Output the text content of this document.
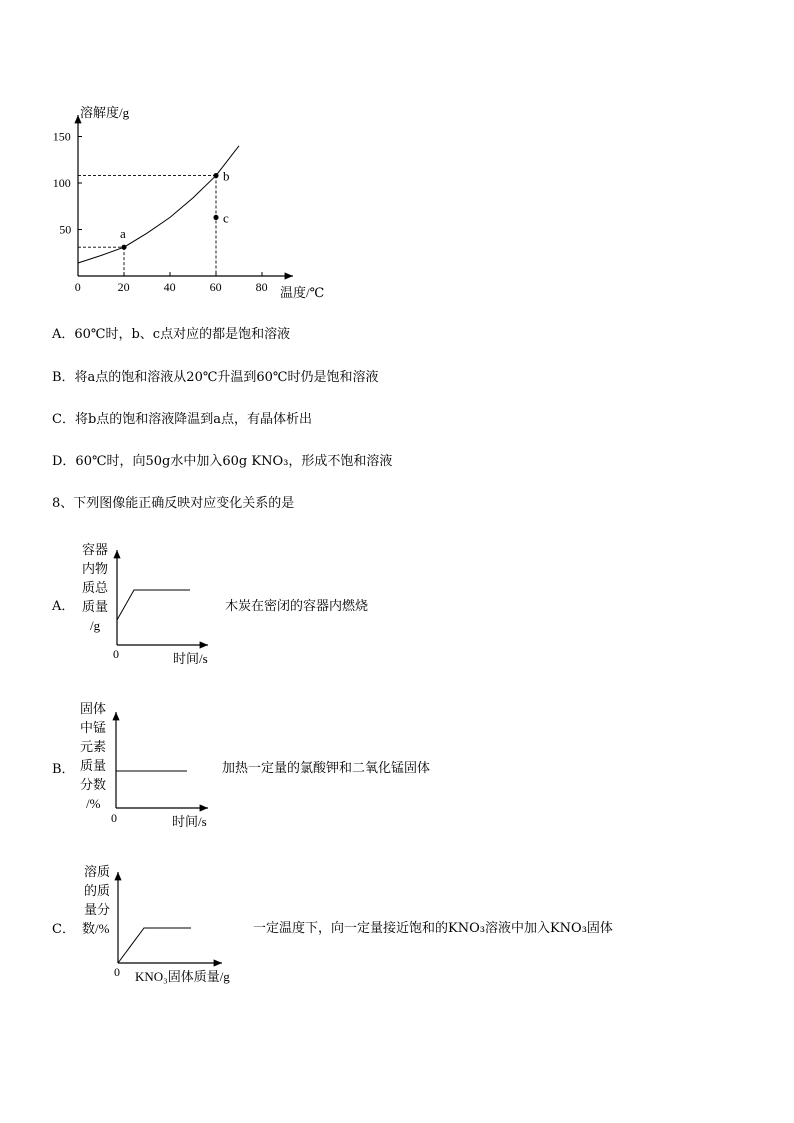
溶解度/g
温度/℃
0	20	40	60	80
50
100
150
a
b
c
A．60℃时，b、c点对应的都是饱和溶液
B．将a点的饱和溶液从20℃升温到60℃时仍是饱和溶液
C．将b点的饱和溶液降温到a点，有晶体析出
D．60℃时，向50g水中加入60g KNO₃，形成不饱和溶液
8、下列图像能正确反映对应变化关系的是
A．
容器
内物
质总
质量
/g
0	时间/s
木炭在密闭的容器内燃烧
B．
固体
中锰
元素
质量
分数
/%
0	时间/s
加热一定量的氯酸钾和二氧化锰固体
C．
溶质
的质
量分
数/%
0 KNO₃固体质量/g
一定温度下，向一定量接近饱和的KNO₃溶液中加入KNO₃固体
